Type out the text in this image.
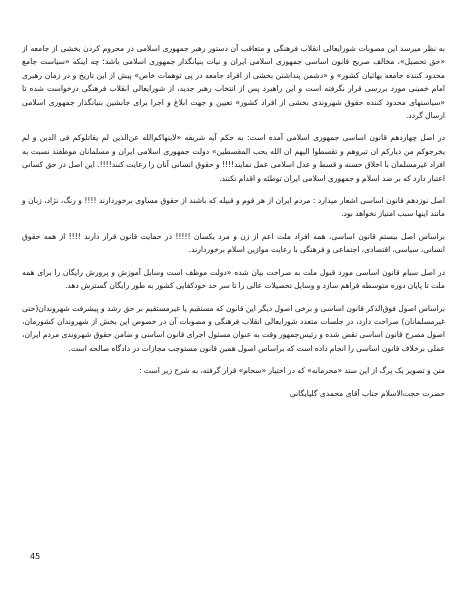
به نظر میرسد این مصوبات شورایعالی انقلاب فرهنگی و متعاقب آن دستور رهبر جمهوری اسلامی در محروم کردن بخشی از جامعه از «حق تحصیل»، مخالف صریح قانون اساسی جمهوری اسلامی ایران و نیات بنیانگذار جمهوری اسلامی باشد؛ چه اینکه «سیاست جامع محدود کننده جامعه بهائیان کشور» و «دشمن پنداشتن بخشی از افراد جامعه در پی توهمات خاص» پیش از این تاریخ و در زمان رهبری امام خمینی مورد بررسی قرار نگرفته است و این راهبرد پس از انتخاب رهبر جدید، از شورایعالی انقلاب فرهنگی درخواست شده تا «سیاستهای محدود کننده حقوق شهروندی بخشی از افراد کشور» تعیین و جهت ابلاغ و اجرا برای جانشین بنیانگذار جمهوری اسلامی ارسال گردد.

در اصل چهاردهم قانون اساسی جمهوری اسلامی آمده است: به حکم آیه شریفه «لاینهاکم‌الله عن‌الذین لم یقاتلوکم فی الدین و لم یخرجوکم من دیارکم ان تبروهم و تقسطوا الیهم ان الله یحب المقسطین» دولت جمهوری اسلامی ایران و مسلمانان موظفند نسبت به افراد غیرمسلمان با اخلاق حسنه و قسط و عدل اسلامی عمل نمایند!!!! و حقوق انسانی آنان را رعایت کنند!!!!. این اصل در حق کسانی اعتبار دارد که بر ضد اسلام و جمهوری اسلامی ایران توطئه و اقدام نکنند.

اصل نوزدهم قانون اساسی اشعار میدارد : مردم ایران از هر قوم و قبیله که باشند از حقوق مساوی برخوردارند !!!! و رنگ، نژاد، زبان و مانند اینها سبب امتیاز نخواهد بود.

براساس اصل بیستم قانون اساسی، همه افراد ملت اعم از زن و مرد یکسان !!!!! در حمایت قانون قرار دارند !!!! از همه حقوق انسانی، سیاسی، اقتصادی، اجتماعی و فرهنگی با رعایت موازین اسلام برخوردارند.

در اصل سیام قانون اساسی مورد قبول ملت به صراحت بیان شده «دولت موظف است وسایل آموزش و پرورش رایگان را برای همه ملت تا پایان دوره متوسطه فراهم سازد و وسایل تحصیلات عالی را تا سر حد خودکفایی کشور به طور رایگان گسترش دهد.

براساس اصول فوق‌الذکر قانون اساسی و برخی اصول دیگر این قانون که مستقیم یا غیرمستقیم بر حق رشد و پیشرفت شهروندان(حتی غیرمسلمانان) صراحت دارد، در جلسات متعدد شورایعالی انقلاب فرهنگی و مصوبات آن در خصوص این بخش از شهروندان کشورمان، اصول مصرح قانون اساسی نقض شده و رئیس‌جمهور وقت به عنوان مسئول اجرای قانون اساسی و ضامن حقوق شهروندی مردم ایران، عملی برخلاف قانون اساسی را انجام داده است که براساس اصول همین قانون مستوجب مجازات در دادگاه صالحه است.

متن و تصویر یک برگ از این سند «محرمانه» که در اختیار «سحام» قرار گرفته، به شرح زیر است :

حضرت حجت‌الاسلام جناب آقای محمدی گلپایگانی

45
